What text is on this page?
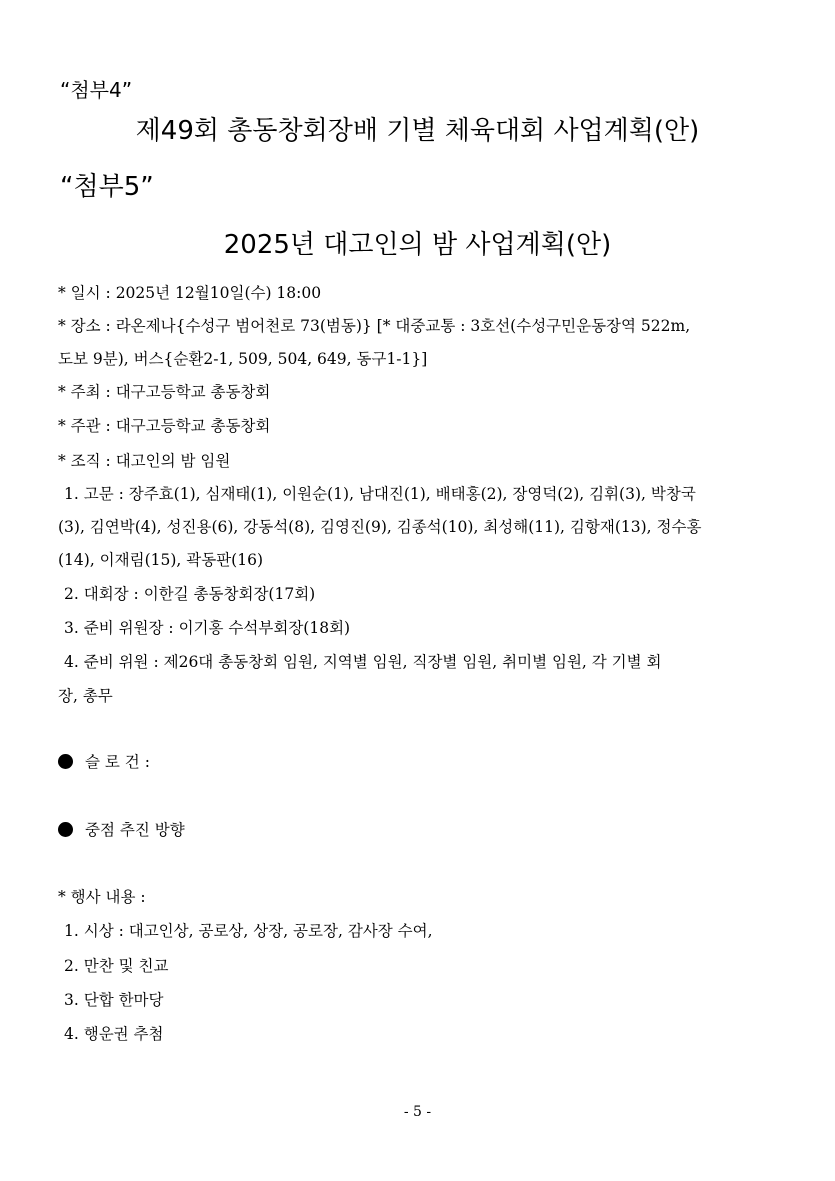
“첨부4”
제49회 총동창회장배 기별 체육대회 사업계획(안)
“첨부5”
2025년 대고인의 밤 사업계획(안)
* 일시 : 2025년 12월10일(수) 18:00
* 장소 : 라온제나{수성구 범어천로 73(범동)} [* 대중교통 : 3호선(수성구민운동장역 522m,
도보 9분), 버스{순환2-1, 509, 504, 649, 동구1-1}]
* 주최 : 대구고등학교 총동창회
* 주관 : 대구고등학교 총동창회
* 조직 : 대고인의 밤 임원
1. 고문 : 장주효(1), 심재태(1), 이원순(1), 남대진(1), 배태홍(2), 장영덕(2), 김휘(3), 박창국
(3), 김연박(4), 성진용(6), 강동석(8), 김영진(9), 김종석(10), 최성해(11), 김항재(13), 정수홍
(14), 이재림(15), 곽동판(16)
2. 대회장 : 이한길 총동창회장(17회)
3. 준비 위원장 : 이기홍 수석부회장(18회)
4. 준비 위원 : 제26대 총동창회 임원, 지역별 임원, 직장별 임원, 취미별 임원, 각 기별 회
장, 총무
슬 로 건 :
중점 추진 방향
* 행사 내용 :
1. 시상 : 대고인상, 공로상, 상장, 공로장, 감사장 수여,
2. 만찬 및 친교
3. 단합 한마당
4. 행운권 추첨
- 5 -
